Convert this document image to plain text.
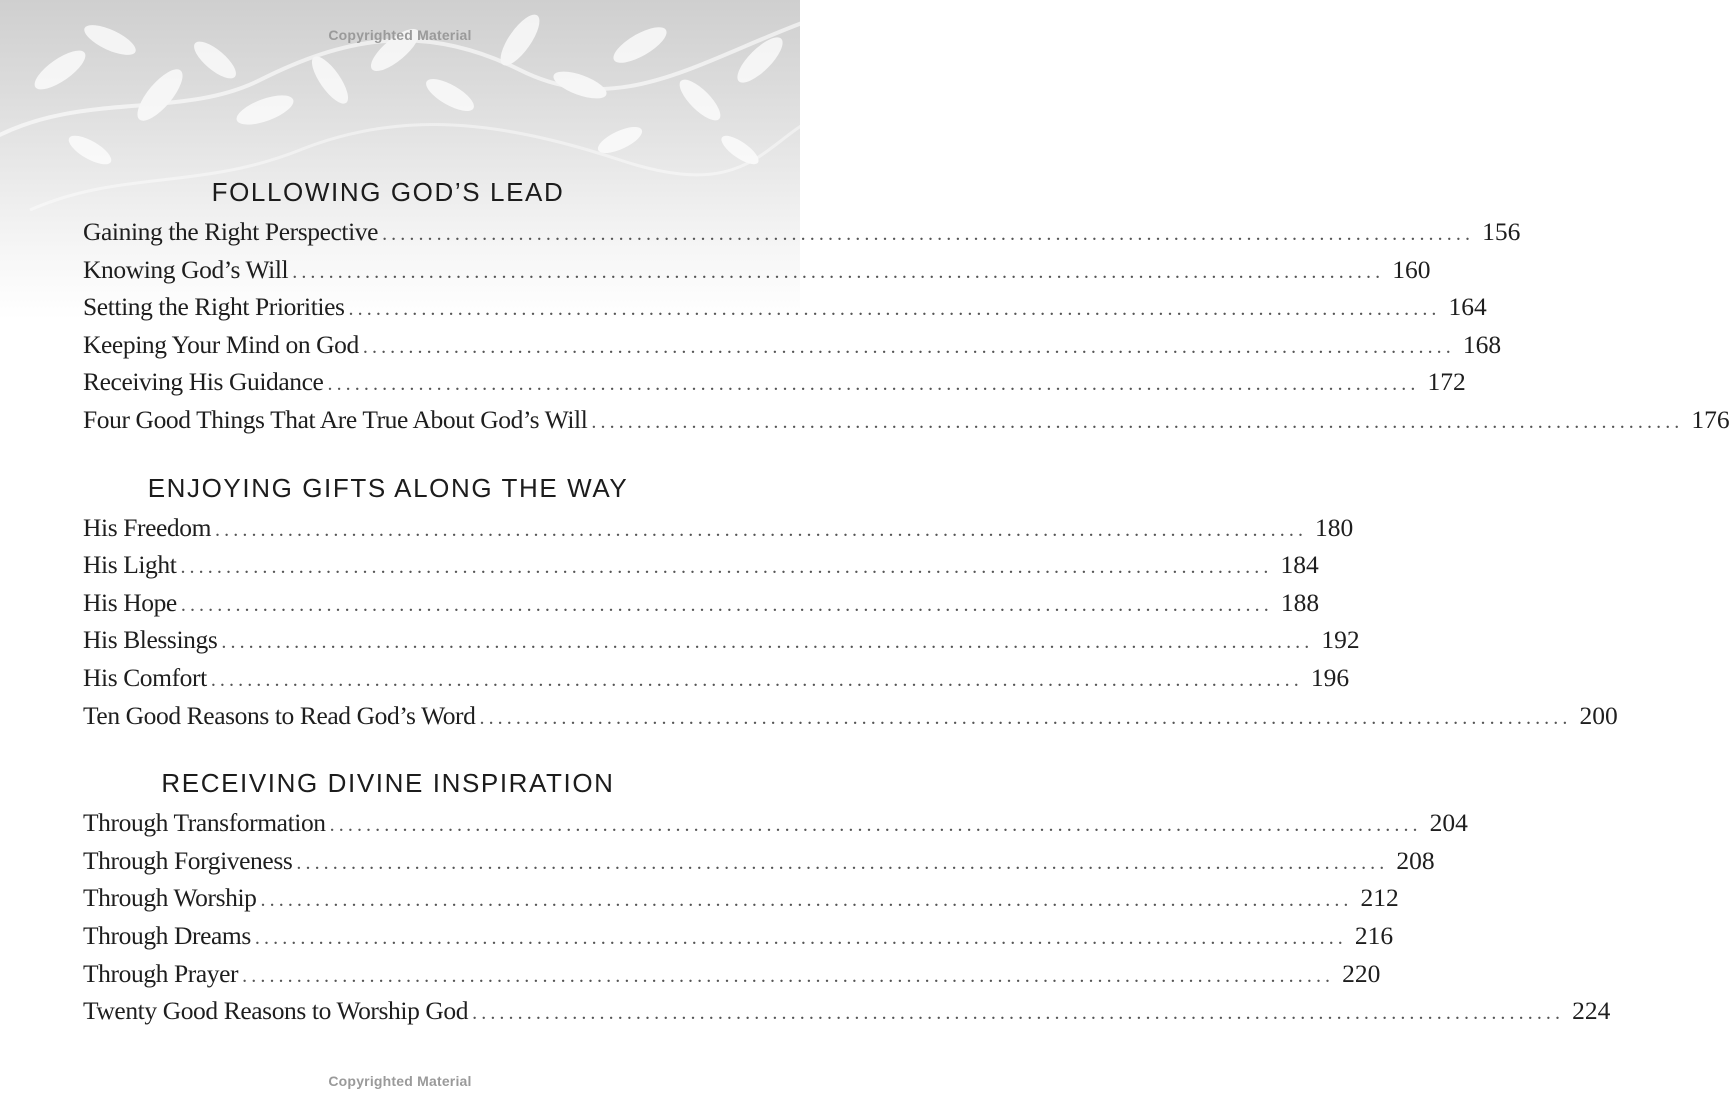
Copyrighted Material
FOLLOWING GOD’S LEAD
Gaining the Right Perspective ........................................................................................................................ 156
Knowing God’s Will ........................................................................................................................ 160
Setting the Right Priorities ........................................................................................................................ 164
Keeping Your Mind on God ........................................................................................................................ 168
Receiving His Guidance ........................................................................................................................ 172
Four Good Things That Are True About God’s Will ........................................................................................................................ 176
ENJOYING GIFTS ALONG THE WAY
His Freedom ........................................................................................................................ 180
His Light ........................................................................................................................ 184
His Hope ........................................................................................................................ 188
His Blessings ........................................................................................................................ 192
His Comfort ........................................................................................................................ 196
Ten Good Reasons to Read God’s Word ........................................................................................................................ 200
RECEIVING DIVINE INSPIRATION
Through Transformation ........................................................................................................................ 204
Through Forgiveness ........................................................................................................................ 208
Through Worship ........................................................................................................................ 212
Through Dreams ........................................................................................................................ 216
Through Prayer ........................................................................................................................ 220
Twenty Good Reasons to Worship God ........................................................................................................................ 224
Copyrighted Material
